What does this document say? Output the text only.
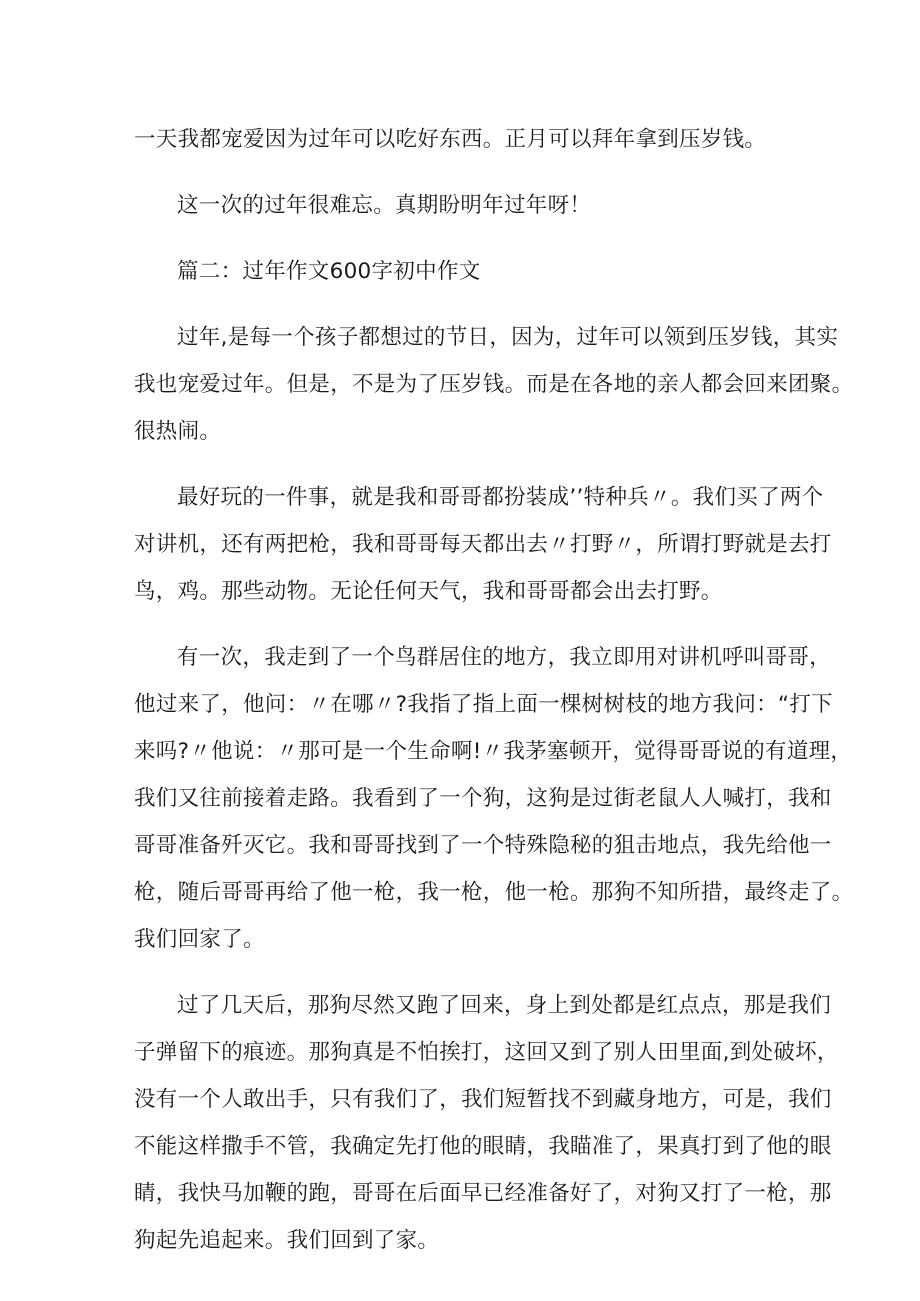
一天我都宠爱因为过年可以吃好东西。正月可以拜年拿到压岁钱。

这一次的过年很难忘。真期盼明年过年呀！

篇二：过年作文600字初中作文

过年,是每一个孩子都想过的节日，因为，过年可以领到压岁钱，其实
我也宠爱过年。但是，不是为了压岁钱。而是在各地的亲人都会回来团聚。
很热闹。

最好玩的一件事，就是我和哥哥都扮装成’’特种兵〃。我们买了两个
对讲机，还有两把枪，我和哥哥每天都出去〃打野〃，所谓打野就是去打
鸟，鸡。那些动物。无论任何天气，我和哥哥都会出去打野。

有一次，我走到了一个鸟群居住的地方，我立即用对讲机呼叫哥哥，
他过来了，他问：〃在哪〃?我指了指上面一棵树树枝的地方我问：“打下
来吗?〃他说：〃那可是一个生命啊!〃我茅塞顿开，觉得哥哥说的有道理，
我们又往前接着走路。我看到了一个狗，这狗是过街老鼠人人喊打，我和
哥哥准备歼灭它。我和哥哥找到了一个特殊隐秘的狙击地点，我先给他一
枪，随后哥哥再给了他一枪，我一枪，他一枪。那狗不知所措，最终走了。
我们回家了。

过了几天后，那狗尽然又跑了回来，身上到处都是红点点，那是我们
子弹留下的痕迹。那狗真是不怕挨打，这回又到了别人田里面,到处破坏，
没有一个人敢出手，只有我们了，我们短暂找不到藏身地方，可是，我们
不能这样撒手不管，我确定先打他的眼睛，我瞄准了，果真打到了他的眼
睛，我快马加鞭的跑，哥哥在后面早已经准备好了，对狗又打了一枪，那
狗起先追起来。我们回到了家。
